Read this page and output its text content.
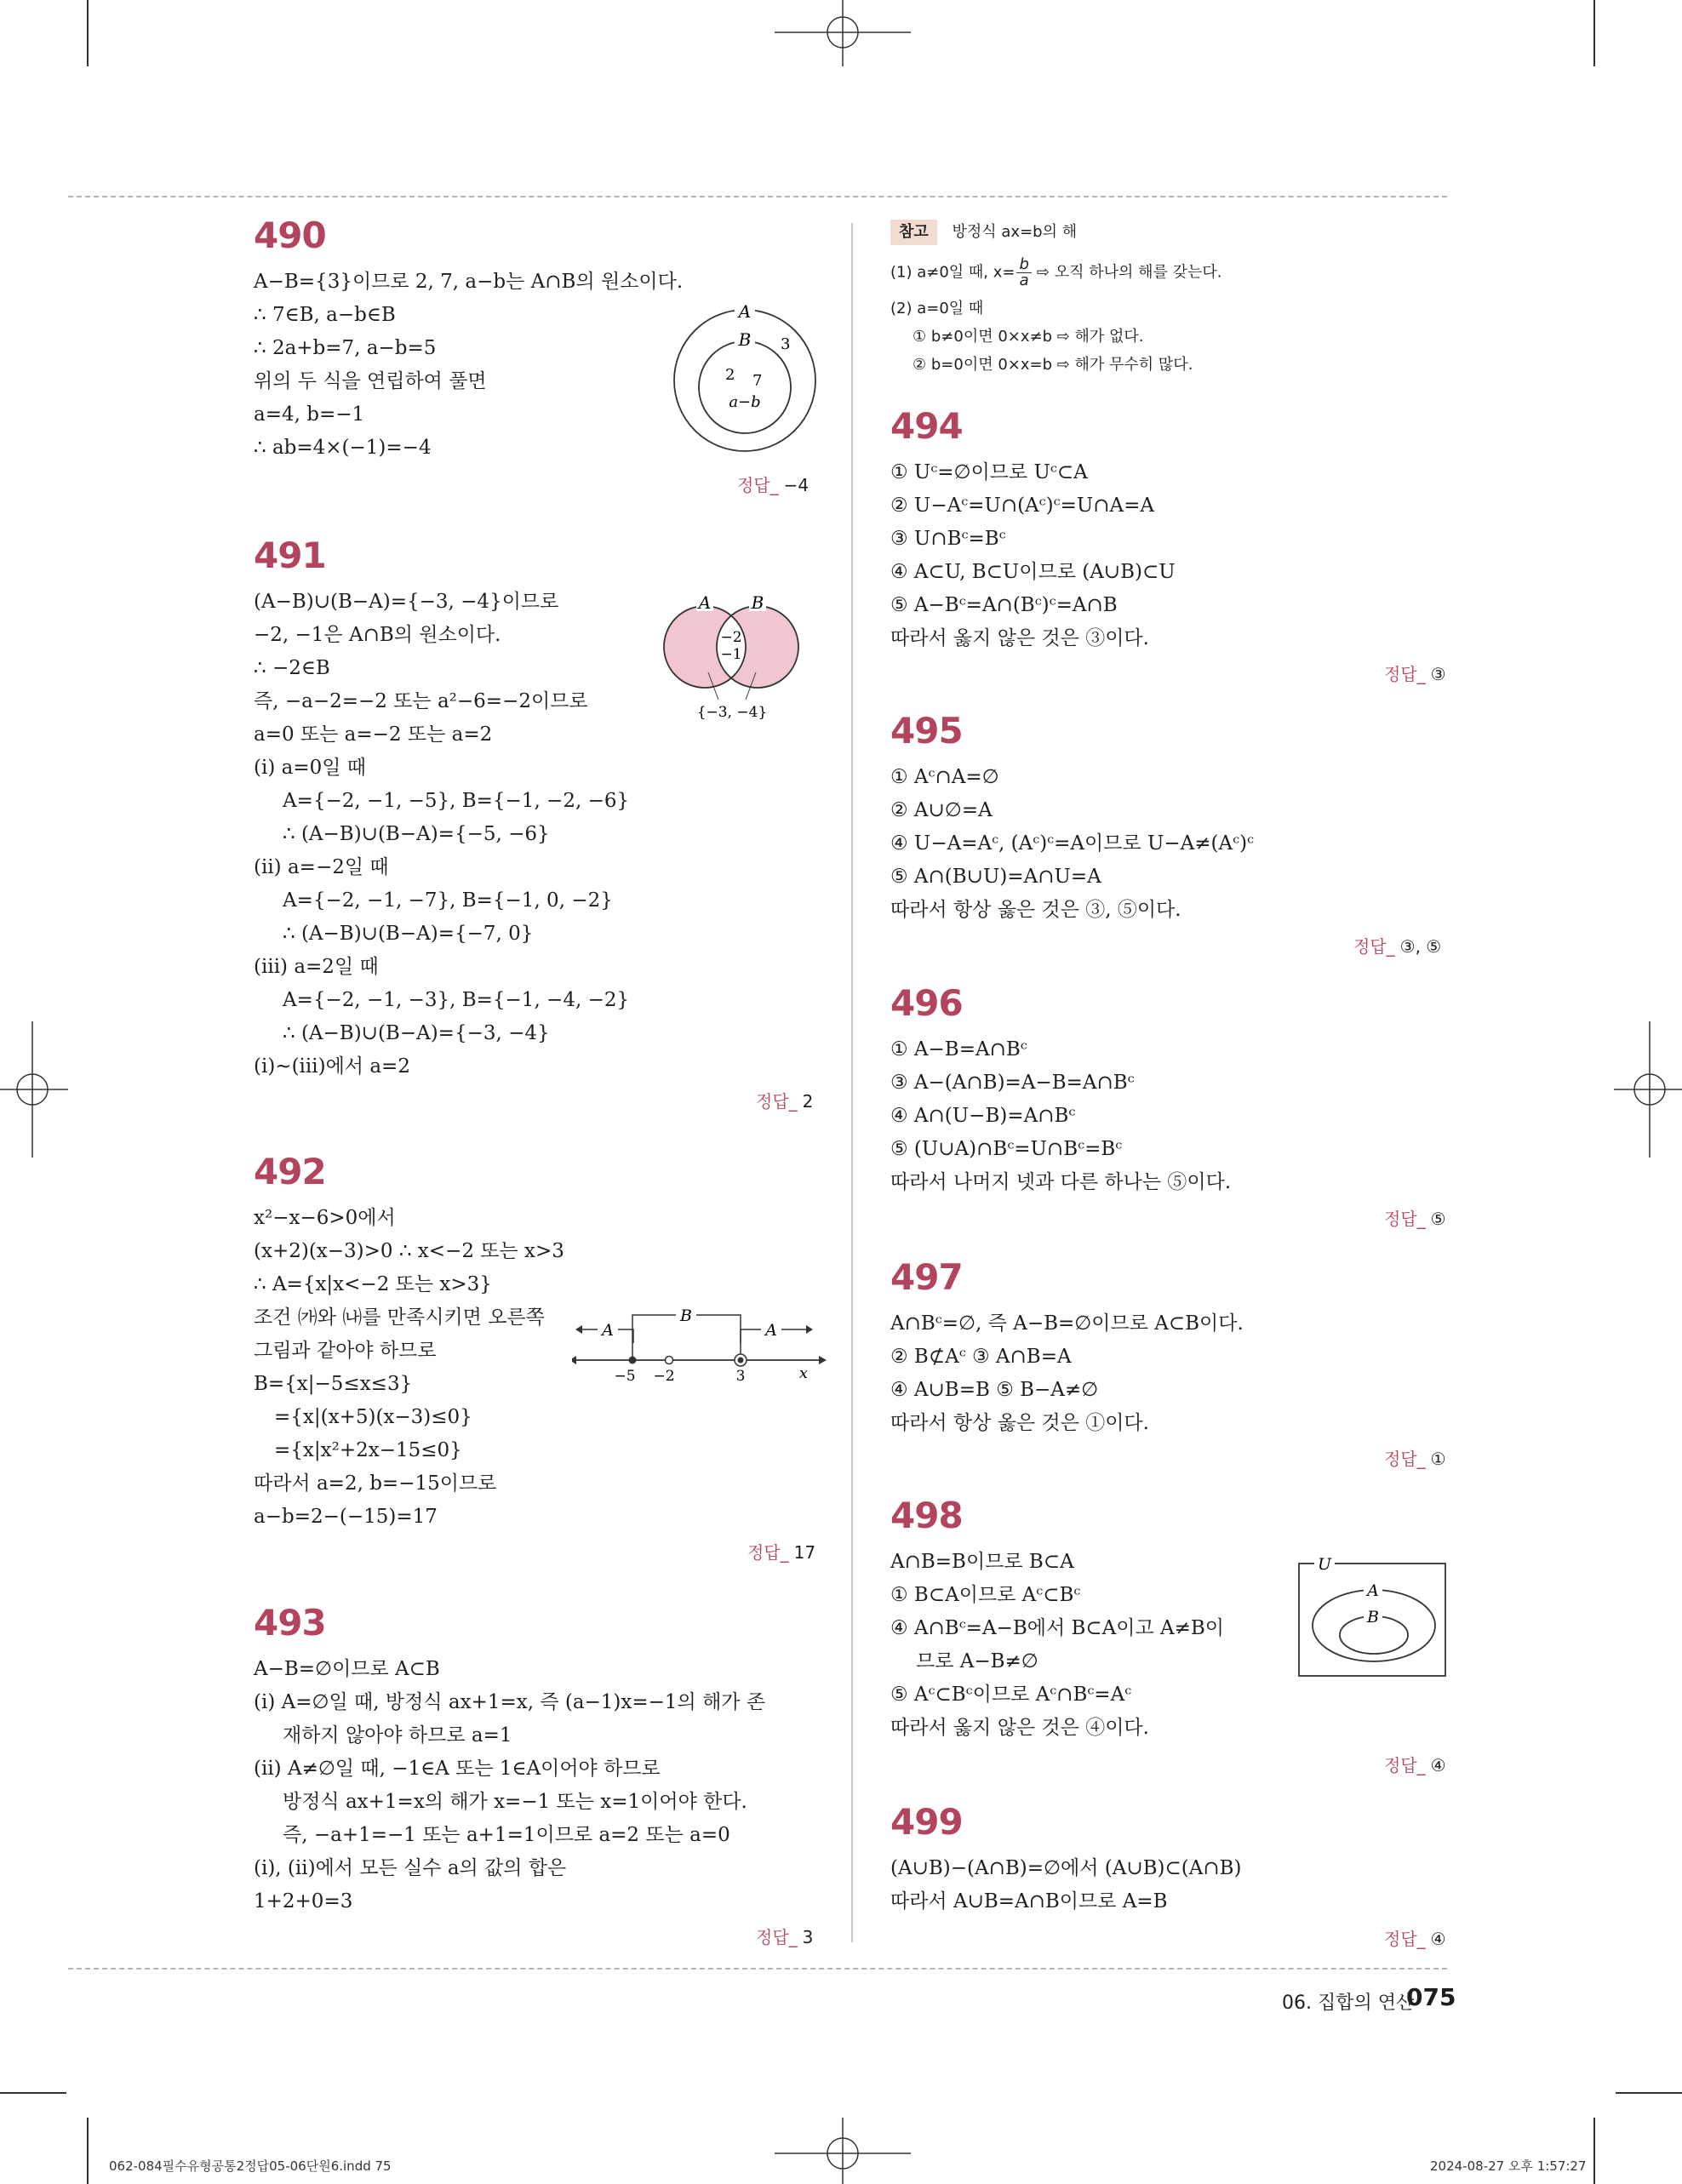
490
A−B={3}이므로 2, 7, a−b는 A∩B의 원소이다.
∴ 7∈B, a−b∈B
∴ 2a+b=7, a−b=5
위의 두 식을 연립하여 풀면
a=4, b=−1
∴ ab=4×(−1)=−4
A
B 3
2 7
a−b
정답_ −4
491
(A−B)∪(B−A)={−3, −4}이므로
−2, −1은 A∩B의 원소이다.
∴ −2∈B
즉, −a−2=−2 또는 a²−6=−2이므로
a=0 또는 a=−2 또는 a=2
(ⅰ) a=0일 때
A={−2, −1, −5}, B={−1, −2, −6}
∴ (A−B)∪(B−A)={−5, −6}
(ⅱ) a=−2일 때
A={−2, −1, −7}, B={−1, 0, −2}
∴ (A−B)∪(B−A)={−7, 0}
(ⅲ) a=2일 때
A={−2, −1, −3}, B={−1, −4, −2}
∴ (A−B)∪(B−A)={−3, −4}
(ⅰ)~(ⅲ)에서 a=2
A B
−2
−1
{−3, −4}
정답_ 2
492
x²−x−6>0에서
(x+2)(x−3)>0 ∴ x<−2 또는 x>3
∴ A={x|x<−2 또는 x>3}
조건 ㈎와 ㈏를 만족시키면 오른쪽
그림과 같아야 하므로
B={x|−5≤x≤3}
={x|(x+5)(x−3)≤0}
={x|x²+2x−15≤0}
따라서 a=2, b=−15이므로
a−b=2−(−15)=17
A
B
A
−5 −2	3	x
정답_ 17
493
A−B=∅이므로 A⊂B
(ⅰ) A=∅일 때, 방정식 ax+1=x, 즉 (a−1)x=−1의 해가 존
재하지 않아야 하므로 a=1
(ⅱ) A≠∅일 때, −1∈A 또는 1∈A이어야 하므로
방정식 ax+1=x의 해가 x=−1 또는 x=1이어야 한다.
즉, −a+1=−1 또는 a+1=1이므로 a=2 또는 a=0
(ⅰ), (ⅱ)에서 모든 실수 a의 값의 합은
1+2+0=3
정답_ 3
참고 방정식 ax=b의 해
(1) a≠0일 때, $x= \frac{b}{a}$ ⇨ 오직 하나의 해를 갖는다.
(2) a=0일 때
① b≠0이면 0×x≠b ⇨ 해가 없다.
② b=0이면 0×x=b ⇨ 해가 무수히 많다.
494
① Uᶜ=∅이므로 Uᶜ⊂A
② U−Aᶜ=U∩(Aᶜ)ᶜ=U∩A=A
③ U∩Bᶜ=Bᶜ
④ A⊂U, B⊂U이므로 (A∪B)⊂U
⑤ A−Bᶜ=A∩(Bᶜ)ᶜ=A∩B
따라서 옳지 않은 것은 ③이다.
정답_ ③
495
① Aᶜ∩A=∅
② A∪∅=A
④ U−A=Aᶜ, (Aᶜ)ᶜ=A이므로 U−A≠(Aᶜ)ᶜ
⑤ A∩(B∪U)=A∩U=A
따라서 항상 옳은 것은 ③, ⑤이다.
정답_ ③, ⑤
496
① A−B=A∩Bᶜ
③ A−(A∩B)=A−B=A∩Bᶜ
④ A∩(U−B)=A∩Bᶜ
⑤ (U∪A)∩Bᶜ=U∩Bᶜ=Bᶜ
따라서 나머지 넷과 다른 하나는 ⑤이다.
정답_ ⑤
497
A∩Bᶜ=∅, 즉 A−B=∅이므로 A⊂B이다.
② B⊄Aᶜ ③ A∩B=A
④ A∪B=B ⑤ B−A≠∅
따라서 항상 옳은 것은 ①이다.
정답_ ①
498
A∩B=B이므로 B⊂A
① B⊂A이므로 Aᶜ⊂Bᶜ
④ A∩Bᶜ=A−B에서 B⊂A이고 A≠B이
므로 A−B≠∅
⑤ Aᶜ⊂Bᶜ이므로 Aᶜ∩Bᶜ=Aᶜ
따라서 옳지 않은 것은 ④이다.
U
A
B
정답_ ④
499
(A∪B)−(A∩B)=∅에서 (A∪B)⊂(A∩B)
따라서 A∪B=A∩B이므로 A=B
정답_ ④
06. 집합의 연산
075
062-084필수유형공통2정답05-06단원6.indd 75	2024-08-27 오후 1:57:27
